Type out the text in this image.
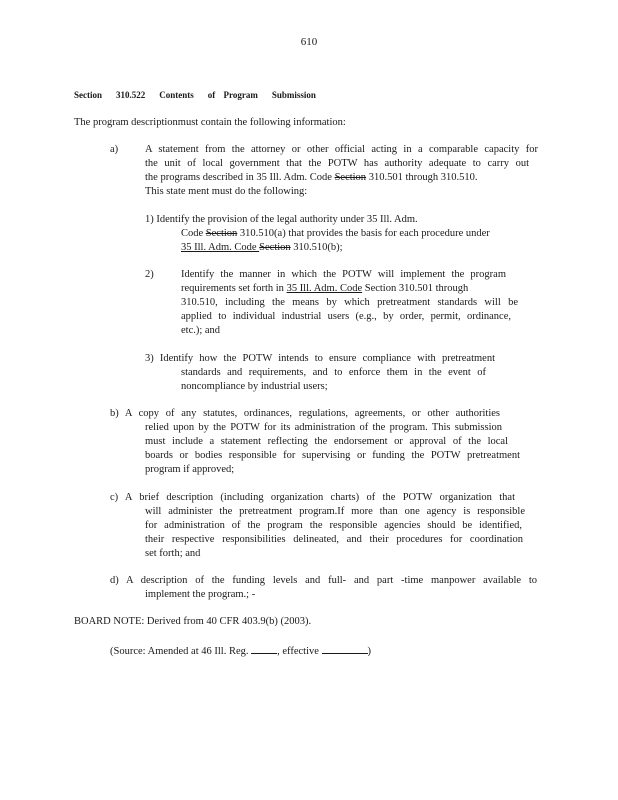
610
Section 310.522 Contents of Program Submission
The program descriptionmust contain the following information:
a)	A statement from the attorney or other official acting in a comparable capacity for
the unit of local government that the POTW has authority adequate to carry out
the programs described in 35 Ill. Adm. Code Section 310.501 through 310.510.
This state ment must do the following:
1) Identify the provision of the legal authority under 35 Ill. Adm.
Code Section 310.510(a) that provides the basis for each procedure under
35 Ill. Adm. Code Section 310.510(b);
2)	Identify the manner in which the POTW will implement the program
requirements set forth in 35 Ill. Adm. Code Section 310.501 through
310.510, including the means by which pretreatment standards will be
applied to individual industrial users (e.g., by order, permit, ordinance,
etc.); and
3) Identify how the POTW intends to ensure compliance with pretreatment
standards and requirements, and to enforce them in the event of
noncompliance by industrial users;
b) A copy of any statutes, ordinances, regulations, agreements, or other authorities
relied upon by the POTW for its administration of the program. This submission
must include a statement reflecting the endorsement or approval of the local
boards or bodies responsible for supervising or funding the POTW pretreatment
program if approved;
c) A brief description (including organization charts) of the POTW organization that
will administer the pretreatment program.If more than one agency is responsible
for administration of the program the responsible agencies should be identified,
their respective responsibilities delineated, and their procedures for coordination
set forth; and
d) A description of the funding levels and full- and part -time manpower available to
implement the program.; -
BOARD NOTE: Derived from 40 CFR 403.9(b) (2003).
(Source: Amended at 46 Ill. Reg.	, effective	)
